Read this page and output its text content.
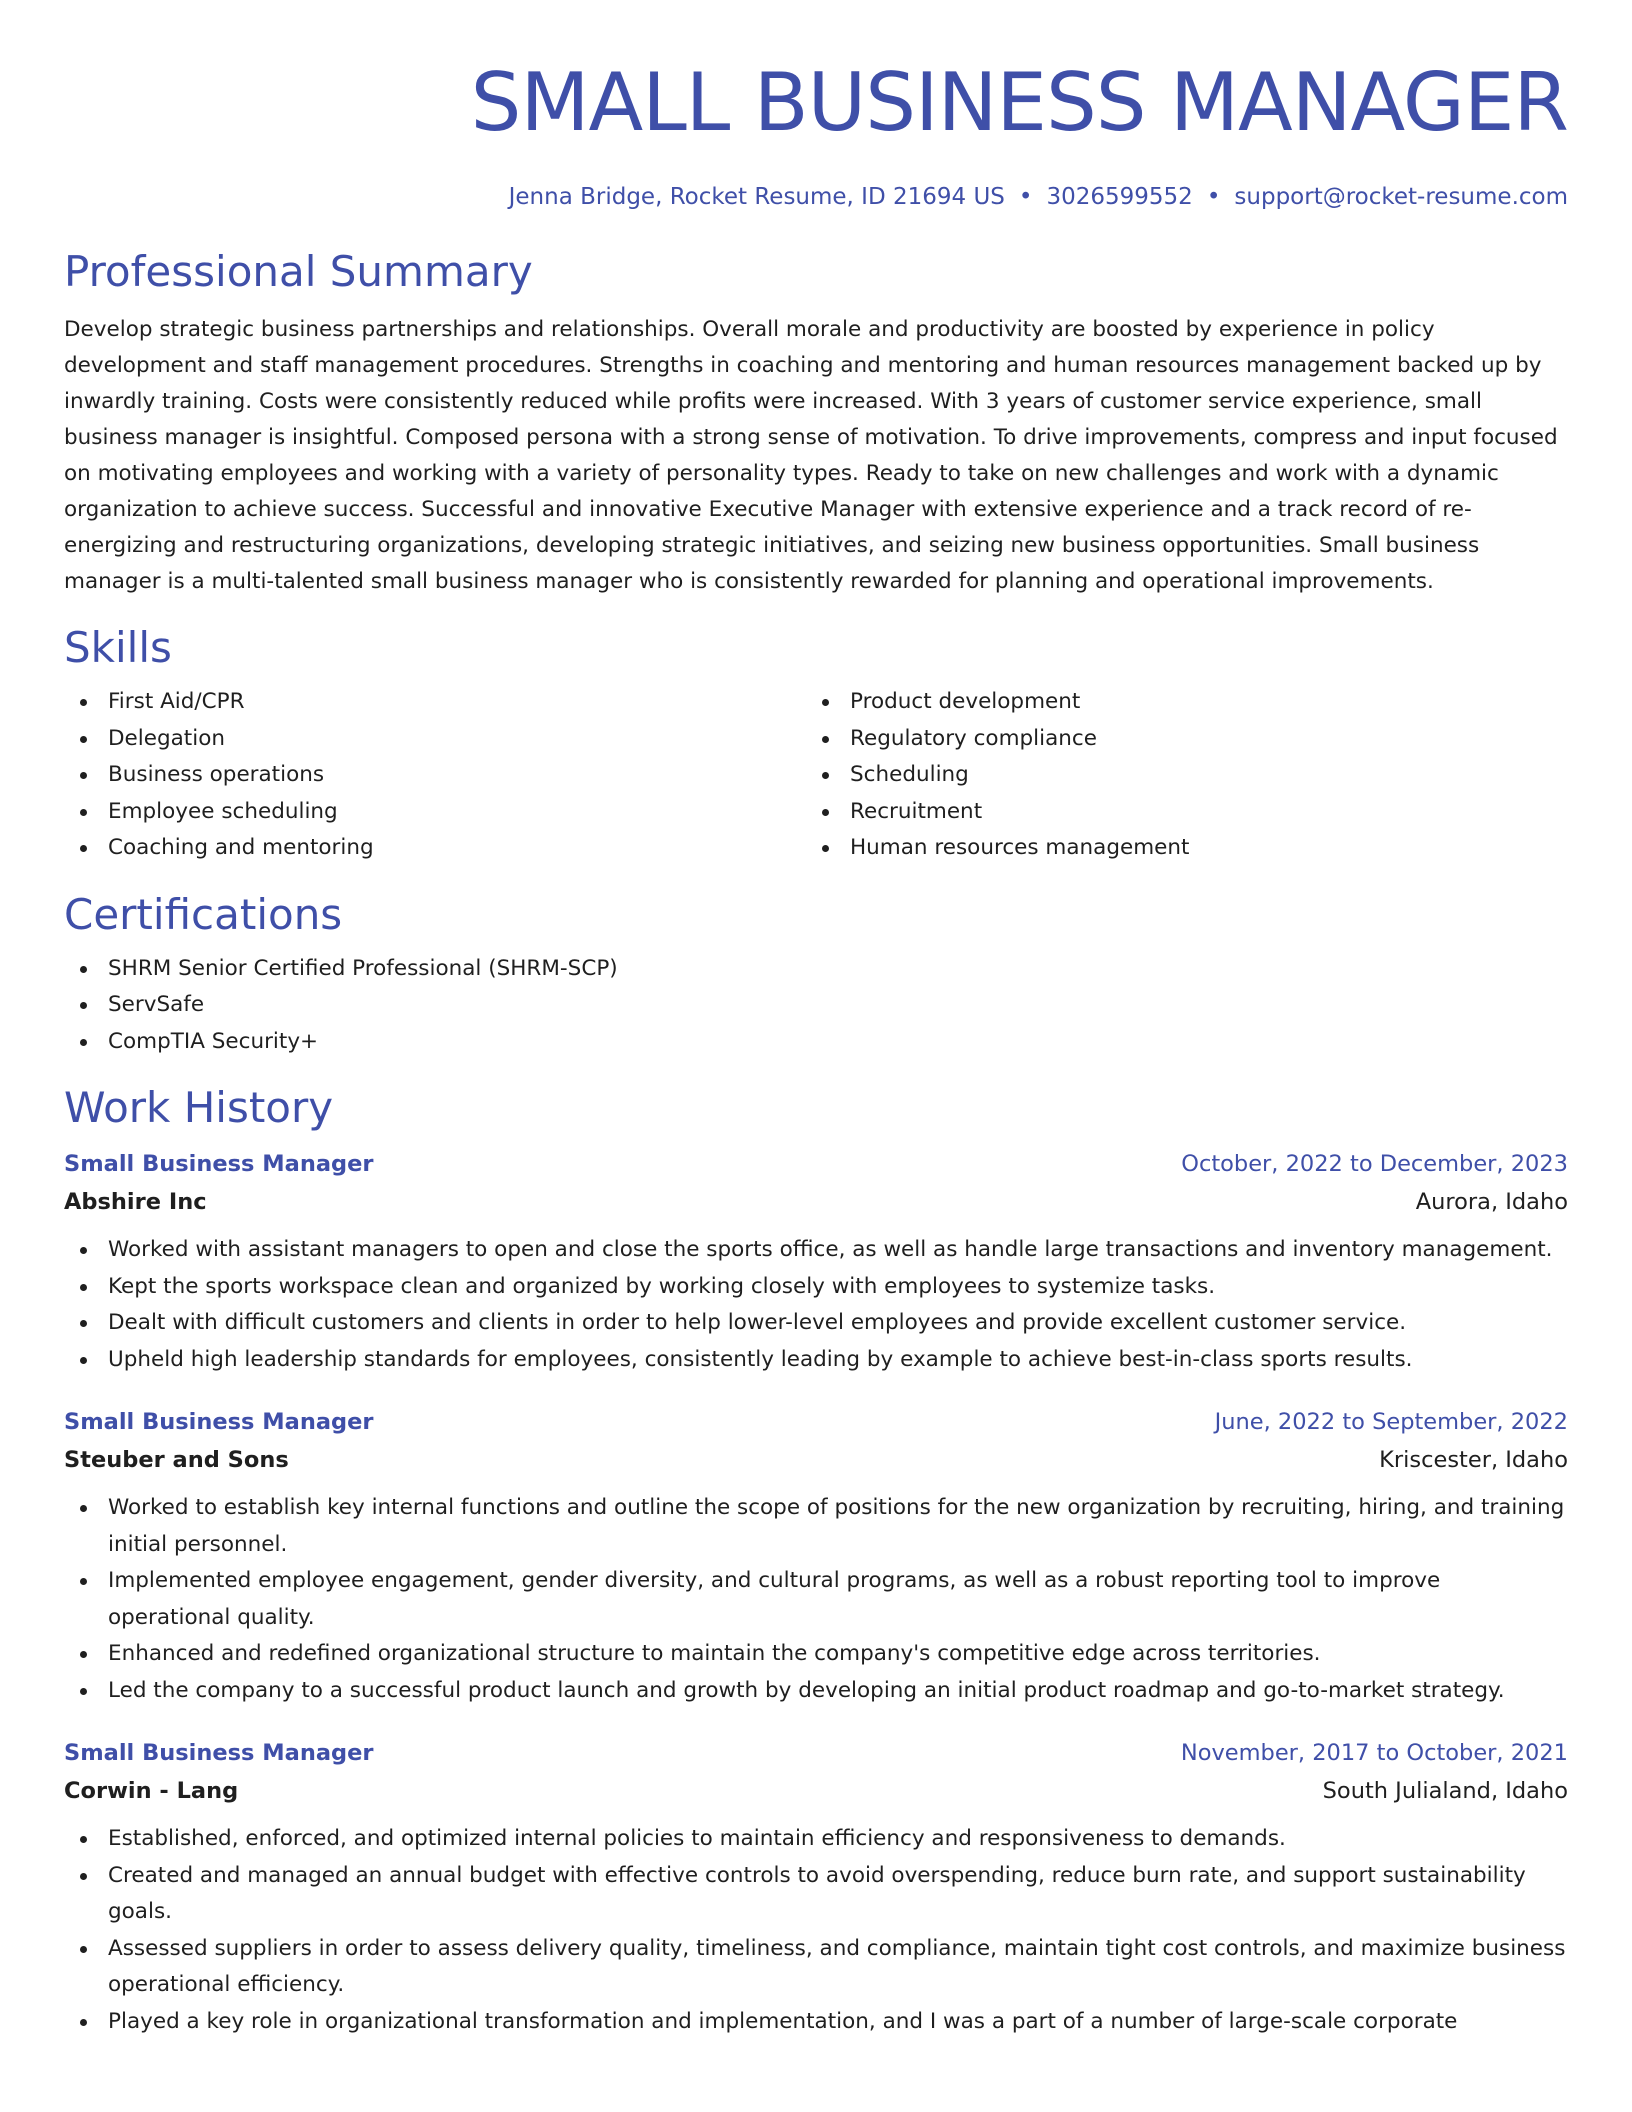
SMALL BUSINESS MANAGER
Jenna Bridge, Rocket Resume, ID 21694 US • 3026599552 • support@rocket-resume.com
Professional Summary

Develop strategic business partnerships and relationships. Overall morale and productivity are boosted by experience in policy development and staff management procedures. Strengths in coaching and mentoring and human resources management backed up by inwardly training. Costs were consistently reduced while profits were increased. With 3 years of customer service experience, small business manager is insightful. Composed persona with a strong sense of motivation. To drive improvements, compress and input focused on motivating employees and working with a variety of personality types. Ready to take on new challenges and work with a dynamic organization to achieve success. Successful and innovative Executive Manager with extensive experience and a track record of re-energizing and restructuring organizations, developing strategic initiatives, and seizing new business opportunities. Small business manager is a multi-talented small business manager who is consistently rewarded for planning and operational improvements.

Skills
First Aid/CPR
Delegation
Business operations
Employee scheduling
Coaching and mentoring
Product development
Regulatory compliance
Scheduling
Recruitment
Human resources management
Certifications
SHRM Senior Certified Professional (SHRM-SCP)
ServSafe
CompTIA Security+
Work History
Small Business Manager	October, 2022 to December, 2023
Abshire Inc	Aurora, Idaho
Worked with assistant managers to open and close the sports office, as well as handle large transactions and inventory management.
Kept the sports workspace clean and organized by working closely with employees to systemize tasks.
Dealt with difficult customers and clients in order to help lower-level employees and provide excellent customer service.
Upheld high leadership standards for employees, consistently leading by example to achieve best-in-class sports results.
Small Business Manager	June, 2022 to September, 2022
Steuber and Sons	Kriscester, Idaho
Worked to establish key internal functions and outline the scope of positions for the new organization by recruiting, hiring, and training initial personnel.
Implemented employee engagement, gender diversity, and cultural programs, as well as a robust reporting tool to improve operational quality.
Enhanced and redefined organizational structure to maintain the company's competitive edge across territories.
Led the company to a successful product launch and growth by developing an initial product roadmap and go-to-market strategy.
Small Business Manager	November, 2017 to October, 2021
Corwin - Lang	South Julialand, Idaho
Established, enforced, and optimized internal policies to maintain efficiency and responsiveness to demands.
Created and managed an annual budget with effective controls to avoid overspending, reduce burn rate, and support sustainability goals.
Assessed suppliers in order to assess delivery quality, timeliness, and compliance, maintain tight cost controls, and maximize business operational efficiency.
Played a key role in organizational transformation and implementation, and I was a part of a number of large-scale corporate
